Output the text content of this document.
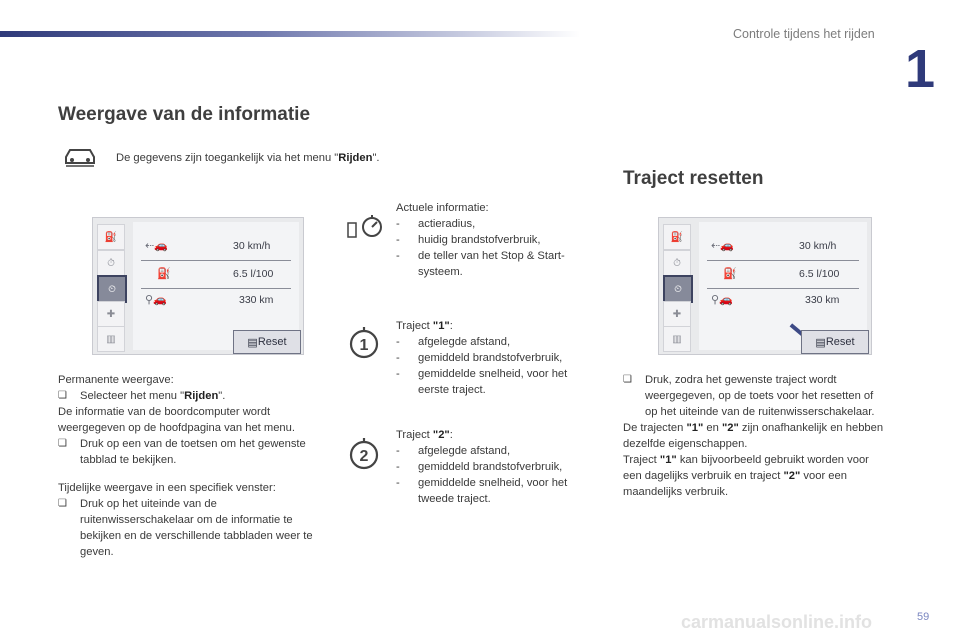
Controle tijdens het rijden
1
Weergave van de informatie
De gegevens zijn toegankelijk via het menu "Rijden".
⛽
⏱
⏲
✚
▥
⇠🚗	30 km/h
⛽	6.5 l/100
⚲🚗	330 km
▤ Reset

Permanente weergave:

❏ Selecteer het menu "Rijden".

De informatie van de boordcomputer wordt weergegeven op de hoofdpagina van het menu.

❏ Druk op een van de toetsen om het gewenste tabblad te bekijken.

Tijdelijke weergave in een specifiek venster:

❏ Druk op het uiteinde van de ruitenwisserschakelaar om de informatie te bekijken en de verschillende tabbladen weer te geven.

Actuele informatie:

- actieradius,

- huidig brandstofverbruik,

- de teller van het Stop & Start-systeem.

1

Traject "1":

- afgelegde afstand,

- gemiddeld brandstofverbruik,

- gemiddelde snelheid, voor het eerste traject.

2

Traject "2":

- afgelegde afstand,

- gemiddeld brandstofverbruik,

- gemiddelde snelheid, voor het tweede traject.

Traject resetten
⛽
⏱
⏲
✚
▥
⇠🚗	30 km/h
⛽	6.5 l/100
⚲🚗	330 km
▤ Reset

❏ Druk, zodra het gewenste traject wordt weergegeven, op de toets voor het resetten of op het uiteinde van de ruitenwisserschakelaar.

De trajecten "1" en "2" zijn onafhankelijk en hebben dezelfde eigenschappen.

Traject "1" kan bijvoorbeeld gebruikt worden voor een dagelijks verbruik en traject "2" voor een maandelijks verbruik.

carmanualsonline.info	59
